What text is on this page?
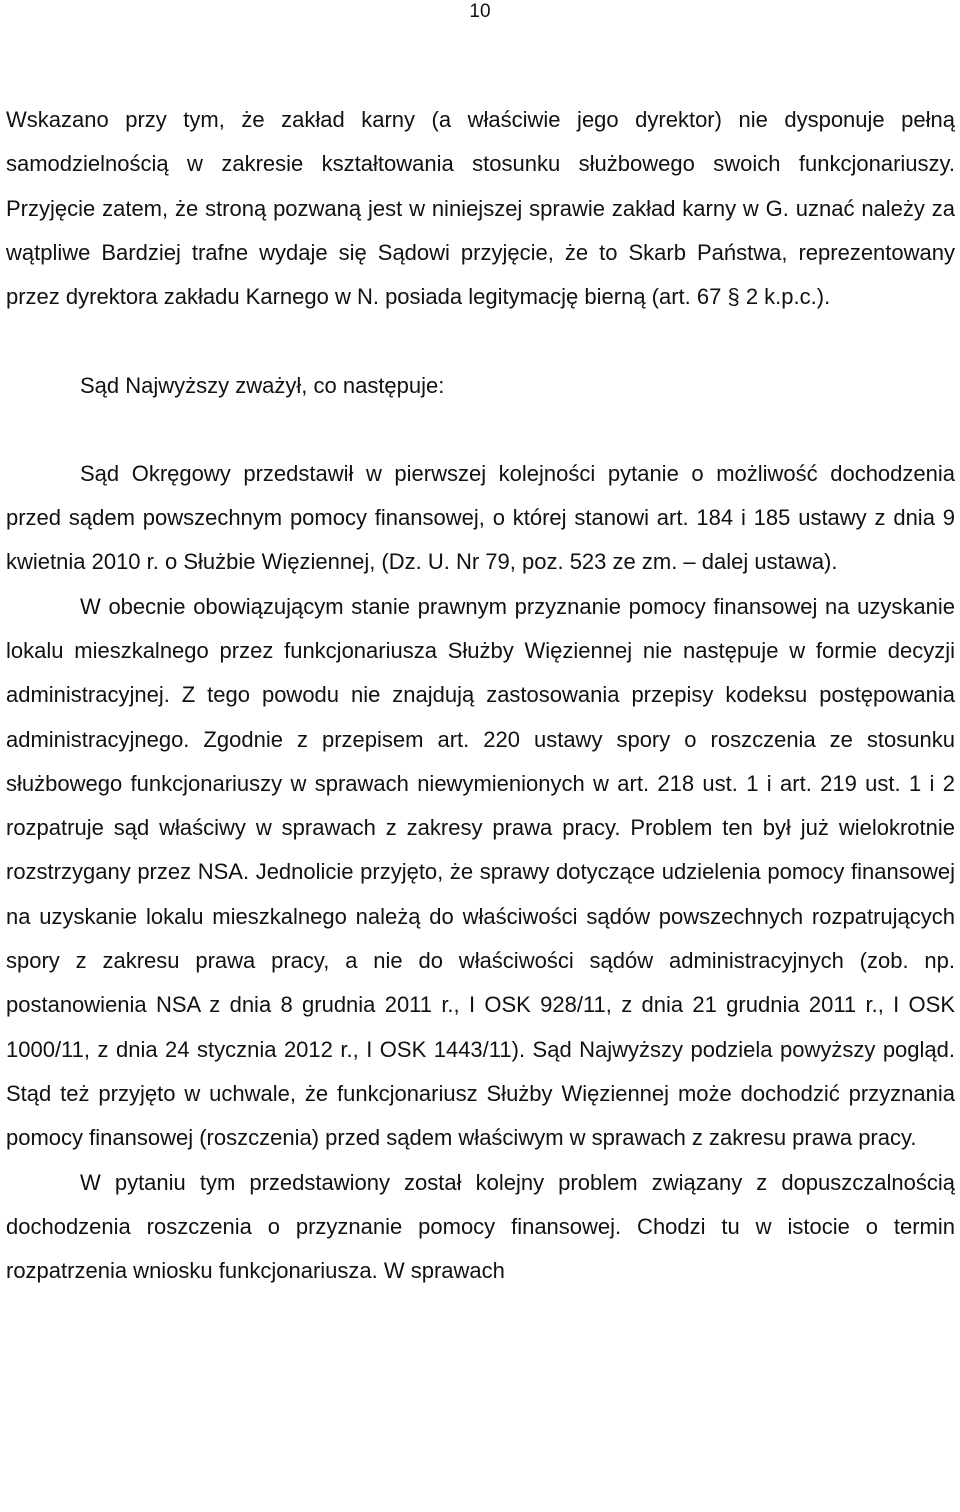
10

Wskazano przy tym, że zakład karny (a właściwie jego dyrektor) nie dysponuje pełną samodzielnością w zakresie kształtowania stosunku służbowego swoich funkcjonariuszy. Przyjęcie zatem, że stroną pozwaną jest w niniejszej sprawie zakład karny w G. uznać należy za wątpliwe Bardziej trafne wydaje się Sądowi przyjęcie, że to Skarb Państwa, reprezentowany przez dyrektora zakładu Karnego w N. posiada legitymację bierną (art. 67 § 2 k.p.c.).

Sąd Najwyższy zważył, co następuje:

Sąd Okręgowy przedstawił w pierwszej kolejności pytanie o możliwość dochodzenia przed sądem powszechnym pomocy finansowej, o której stanowi art. 184 i 185 ustawy z dnia 9 kwietnia 2010 r. o Służbie Więziennej, (Dz. U. Nr 79, poz. 523 ze zm. – dalej ustawa).

W obecnie obowiązującym stanie prawnym przyznanie pomocy finansowej na uzyskanie lokalu mieszkalnego przez funkcjonariusza Służby Więziennej nie następuje w formie decyzji administracyjnej. Z tego powodu nie znajdują zastosowania przepisy kodeksu postępowania administracyjnego. Zgodnie z przepisem art. 220 ustawy spory o roszczenia ze stosunku służbowego funkcjonariuszy w sprawach niewymienionych w art. 218 ust. 1 i art. 219 ust. 1 i 2 rozpatruje sąd właściwy w sprawach z zakresy prawa pracy. Problem ten był już wielokrotnie rozstrzygany przez NSA. Jednolicie przyjęto, że sprawy dotyczące udzielenia pomocy finansowej na uzyskanie lokalu mieszkalnego należą do właściwości sądów powszechnych rozpatrujących spory z zakresu prawa pracy, a nie do właściwości sądów administracyjnych (zob. np. postanowienia NSA z dnia 8 grudnia 2011 r., I OSK 928/11, z dnia 21 grudnia 2011 r., I OSK 1000/11, z dnia 24 stycznia 2012 r., I OSK 1443/11). Sąd Najwyższy podziela powyższy pogląd. Stąd też przyjęto w uchwale, że funkcjonariusz Służby Więziennej może dochodzić przyznania pomocy finansowej (roszczenia) przed sądem właściwym w sprawach z zakresu prawa pracy.

W pytaniu tym przedstawiony został kolejny problem związany z dopuszczalnością dochodzenia roszczenia o przyznanie pomocy finansowej. Chodzi tu w istocie o termin rozpatrzenia wniosku funkcjonariusza. W sprawach
